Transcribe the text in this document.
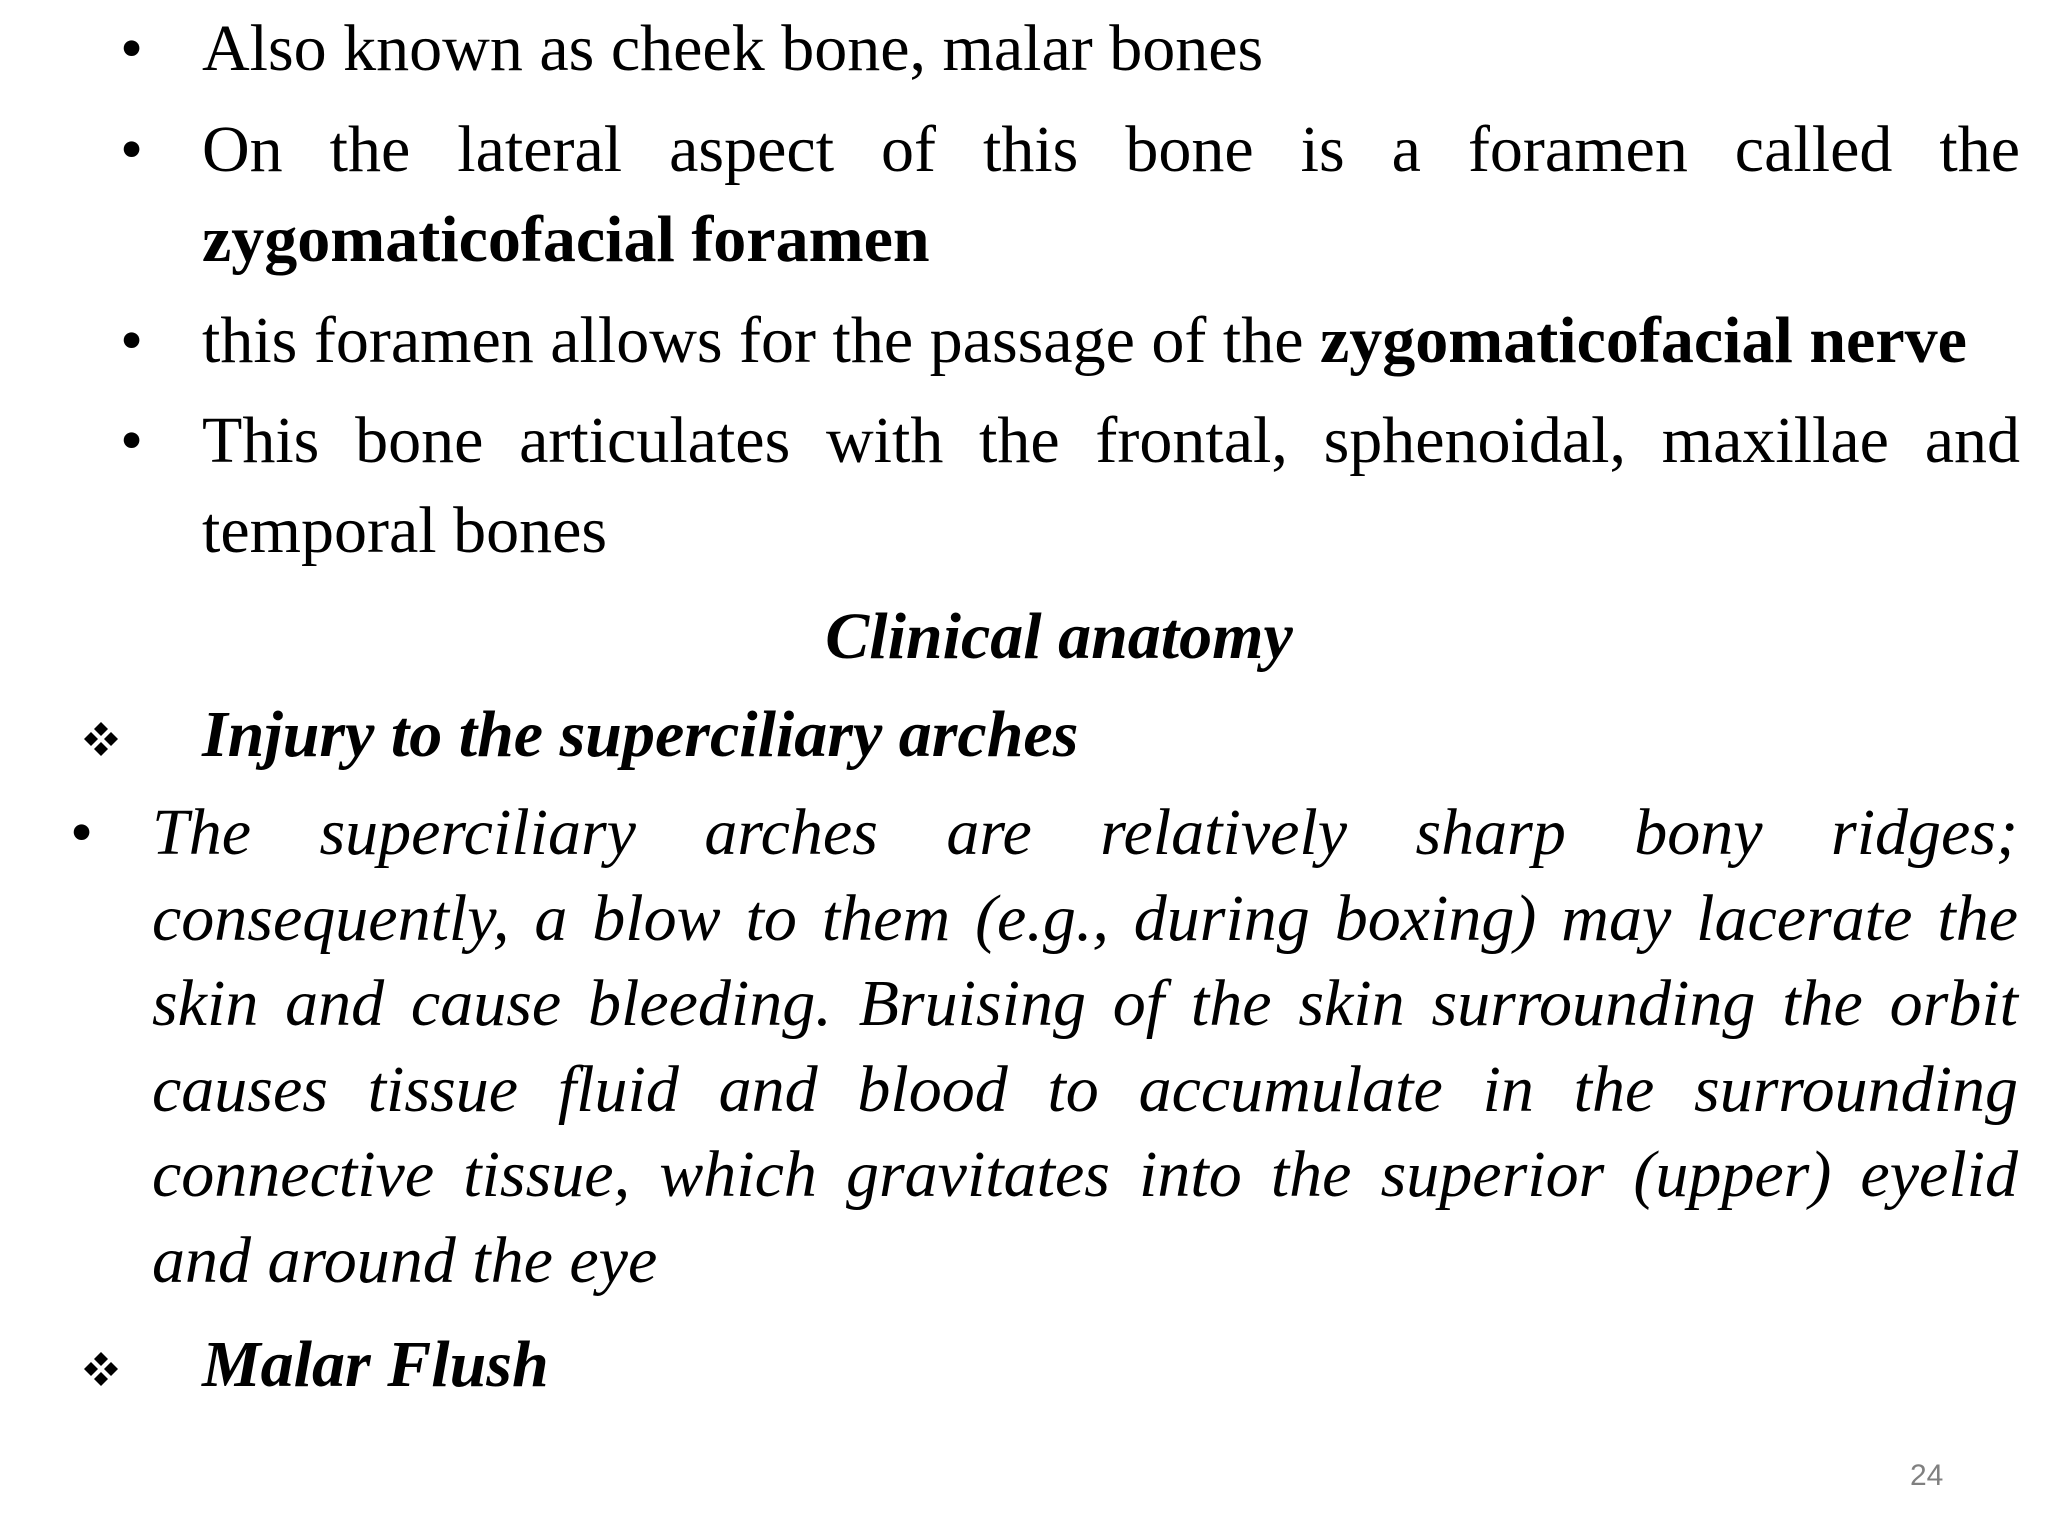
• Also known as cheek bone, malar bones
• On the lateral aspect of this bone is a foramen called the
zygomaticofacial foramen
• this foramen allows for the passage of the zygomaticofacial nerve
• This bone articulates with the frontal, sphenoidal, maxillae and
temporal bones
Clinical anatomy
Injury to the superciliary arches
• The superciliary arches are relatively sharp bony ridges;
consequently, a blow to them (e.g., during boxing) may lacerate the
skin and cause bleeding. Bruising of the skin surrounding the orbit
causes tissue fluid and blood to accumulate in the surrounding
connective tissue, which gravitates into the superior (upper) eyelid
and around the eye
Malar Flush
24
